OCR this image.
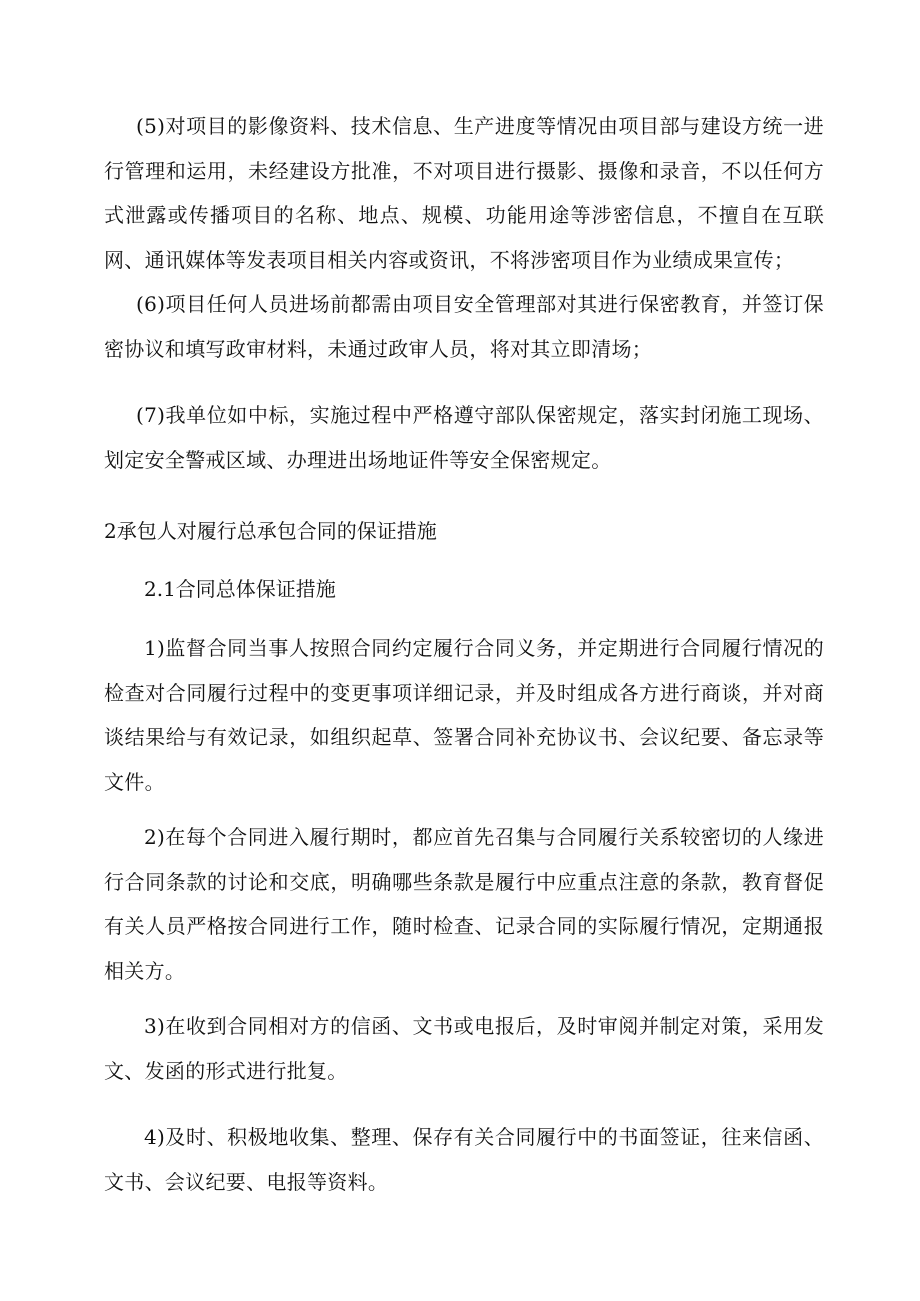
(5)对项目的影像资料、技术信息、生产进度等情况由项目部与建设方统一进行管理和运用，未经建设方批准，不对项目进行摄影、摄像和录音，不以任何方式泄露或传播项目的名称、地点、规模、功能用途等涉密信息，不擅自在互联网、通讯媒体等发表项目相关内容或资讯，不将涉密项目作为业绩成果宣传；

(6)项目任何人员进场前都需由项目安全管理部对其进行保密教育，并签订保密协议和填写政审材料，未通过政审人员，将对其立即清场；

(7)我单位如中标，实施过程中严格遵守部队保密规定，落实封闭施工现场、划定安全警戒区域、办理进出场地证件等安全保密规定。

2承包人对履行总承包合同的保证措施

2.1合同总体保证措施

1)监督合同当事人按照合同约定履行合同义务，并定期进行合同履行情况的检查对合同履行过程中的变更事项详细记录，并及时组成各方进行商谈，并对商谈结果给与有效记录，如组织起草、签署合同补充协议书、会议纪要、备忘录等文件。

2)在每个合同进入履行期时，都应首先召集与合同履行关系较密切的人缘进行合同条款的讨论和交底，明确哪些条款是履行中应重点注意的条款，教育督促有关人员严格按合同进行工作，随时检查、记录合同的实际履行情况，定期通报相关方。

3)在收到合同相对方的信函、文书或电报后，及时审阅并制定对策，采用发文、发函的形式进行批复。

4)及时、积极地收集、整理、保存有关合同履行中的书面签证，往来信函、文书、会议纪要、电报等资料。
